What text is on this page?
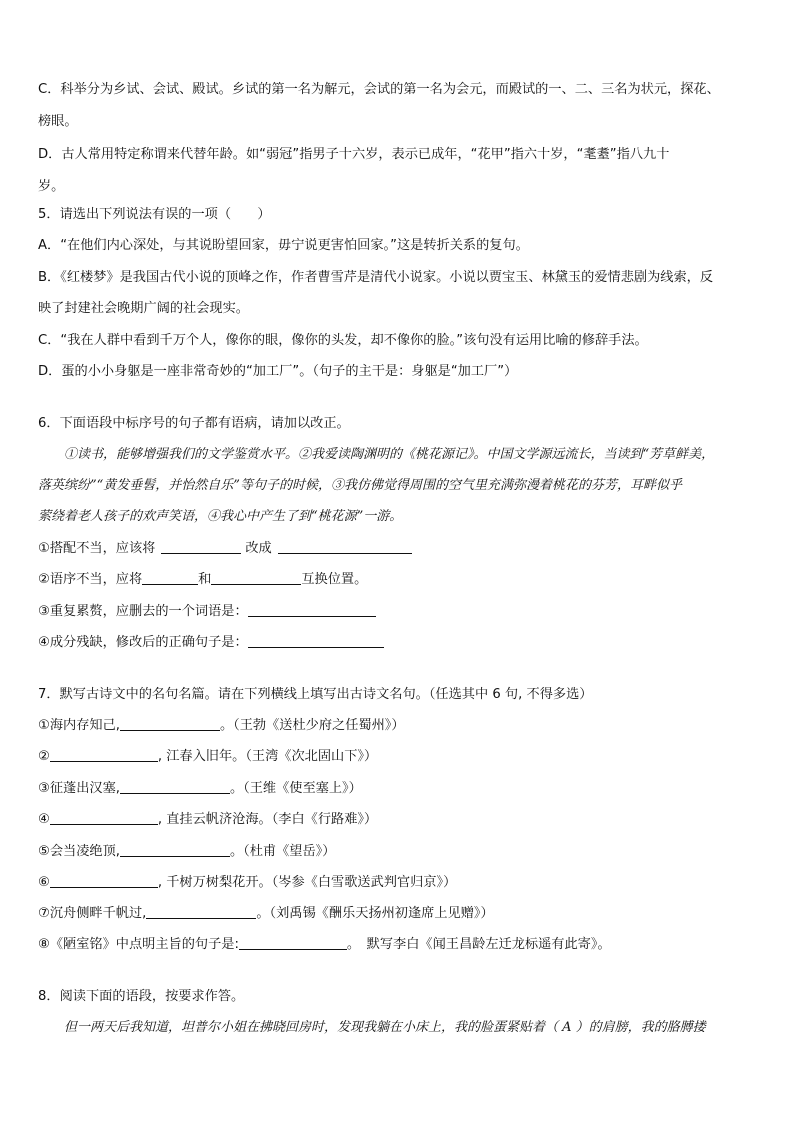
C．科举分为乡试、会试、殿试。乡试的第一名为解元，会试的第一名为会元，而殿试的一、二、三名为状元，探花、
榜眼。
D．古人常用特定称谓来代替年龄。如“弱冠”指男子十六岁，表示已成年，“花甲”指六十岁，“耄耋”指八九十
岁。
5．请选出下列说法有误的一项（　　）
A．“在他们内心深处，与其说盼望回家，毋宁说更害怕回家。”这是转折关系的复句。
B．《红楼梦》是我国古代小说的顶峰之作，作者曹雪芹是清代小说家。小说以贾宝玉、林黛玉的爱情悲剧为线索，反
映了封建社会晚期广阔的社会现实。
C．“我在人群中看到千万个人，像你的眼，像你的头发，却不像你的脸。”该句没有运用比喻的修辞手法。
D．蛋的小小身躯是一座非常奇妙的“加工厂”。（句子的主干是：身躯是“加工厂”）
6．下面语段中标序号的句子都有语病，请加以改正。
①读书，能够增强我们的文学鉴赏水平。②我爱读陶渊明的《桃花源记》。中国文学源远流长，当读到“芳草鲜美，
落英缤纷”“黄发垂髫，并怡然自乐”等句子的时候，③我仿佛觉得周围的空气里充满弥漫着桃花的芬芳，耳畔似乎
萦绕着老人孩子的欢声笑语，④我心中产生了到“桃花源”一游。
①搭配不当，应该将	改成
②语序不当，应将	和	互换位置。
③重复累赘，应删去的一个词语是：
④成分残缺，修改后的正确句子是：
7．默写古诗文中的名句名篇。请在下列横线上填写出古诗文名句。（任选其中 6 句, 不得多选）
①海内存知己,	。（王勃《送杜少府之任蜀州》）
②	, 江春入旧年。（王湾《次北固山下》）
③征蓬出汉塞,	。（王维《使至塞上》）
④	, 直挂云帆济沧海。（李白《行路难》）
⑤会当凌绝顶,	。（杜甫《望岳》）
⑥	, 千树万树梨花开。（岑参《白雪歌送武判官归京》）
⑦沉舟侧畔千帆过,	。（刘禹锡《酬乐天扬州初逢席上见赠》）
⑧《陋室铭》中点明主旨的句子是:	。　默写李白《闻王昌龄左迁龙标遥有此寄》。
8．阅读下面的语段，按要求作答。
但一两天后我知道，坦普尔小姐在拂晓回房时，发现我躺在小床上，我的脸蛋紧贴着（ A ）的肩膀，我的胳膊搂
